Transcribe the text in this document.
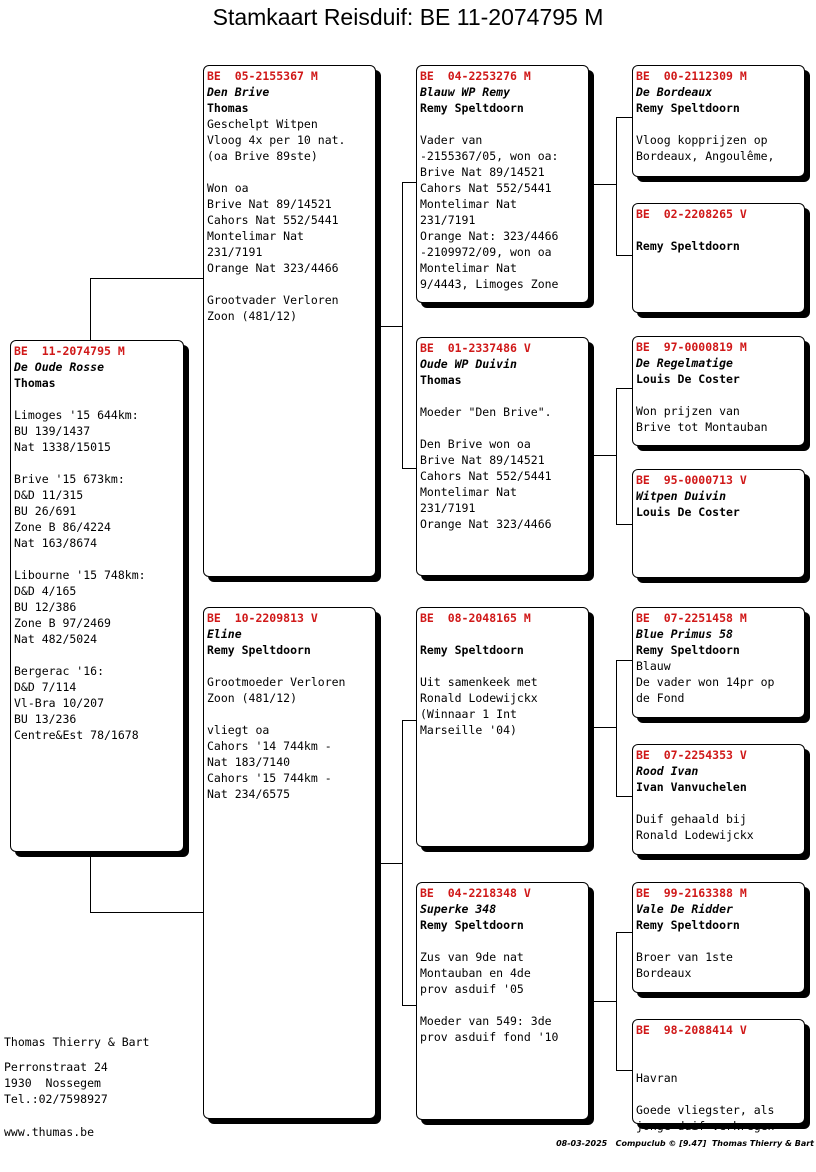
Stamkaart Reisduif: BE 11-2074795 M
BE  11-2074795 M
De Oude Rosse
Thomas
Limoges '15 644km:
BU 139/1437
Nat 1338/15015
Brive '15 673km:
D&D 11/315
BU 26/691
Zone B 86/4224
Nat 163/8674
Libourne '15 748km:
D&D 4/165
BU 12/386
Zone B 97/2469
Nat 482/5024
Bergerac '16:
D&D 7/114
Vl-Bra 10/207
BU 13/236
Centre&Est 78/1678
BE  05-2155367 M
Den Brive
Thomas
Geschelpt Witpen
Vloog 4x per 10 nat.
(oa Brive 89ste)
Won oa
Brive Nat 89/14521
Cahors Nat 552/5441
Montelimar Nat
231/7191
Orange Nat 323/4466
Grootvader Verloren
Zoon (481/12)
BE  10-2209813 V
Eline
Remy Speltdoorn
Grootmoeder Verloren
Zoon (481/12)
vliegt oa
Cahors '14 744km -
Nat 183/7140
Cahors '15 744km -
Nat 234/6575
BE  04-2253276 M
Blauw WP Remy
Remy Speltdoorn
Vader van
-2155367/05, won oa:
Brive Nat 89/14521
Cahors Nat 552/5441
Montelimar Nat
231/7191
Orange Nat: 323/4466
-2109972/09, won oa
Montelimar Nat
9/4443, Limoges Zone
BE  01-2337486 V
Oude WP Duivin
Thomas
Moeder "Den Brive".
Den Brive won oa
Brive Nat 89/14521
Cahors Nat 552/5441
Montelimar Nat
231/7191
Orange Nat 323/4466
BE  08-2048165 M
Remy Speltdoorn
Uit samenkeek met
Ronald Lodewijckx
(Winnaar 1 Int
Marseille '04)
BE  04-2218348 V
Superke 348
Remy Speltdoorn
Zus van 9de nat
Montauban en 4de
prov asduif '05
Moeder van 549: 3de
prov asduif fond '10
BE  00-2112309 M
De Bordeaux
Remy Speltdoorn
Vloog kopprijzen op
Bordeaux, Angoulême,
BE  02-2208265 V
Remy Speltdoorn
BE  97-0000819 M
De Regelmatige
Louis De Coster
Won prijzen van
Brive tot Montauban
BE  95-0000713 V
Witpen Duivin
Louis De Coster
BE  07-2251458 M
Blue Primus 58
Remy Speltdoorn
Blauw
De vader won 14pr op
de Fond
BE  07-2254353 V
Rood Ivan
Ivan Vanvuchelen
Duif gehaald bij
Ronald Lodewijckx
BE  99-2163388 M
Vale De Ridder
Remy Speltdoorn
Broer van 1ste
Bordeaux
BE  98-2088414 V
Havran
Goede vliegster, als
jonge duif verkregen
Thomas Thierry & Bart
Perronstraat 24
1930  Nossegem
Tel.:02/7598927
www.thumas.be
08-03-2025   Compuclub © [9.47]  Thomas Thierry & Bart
